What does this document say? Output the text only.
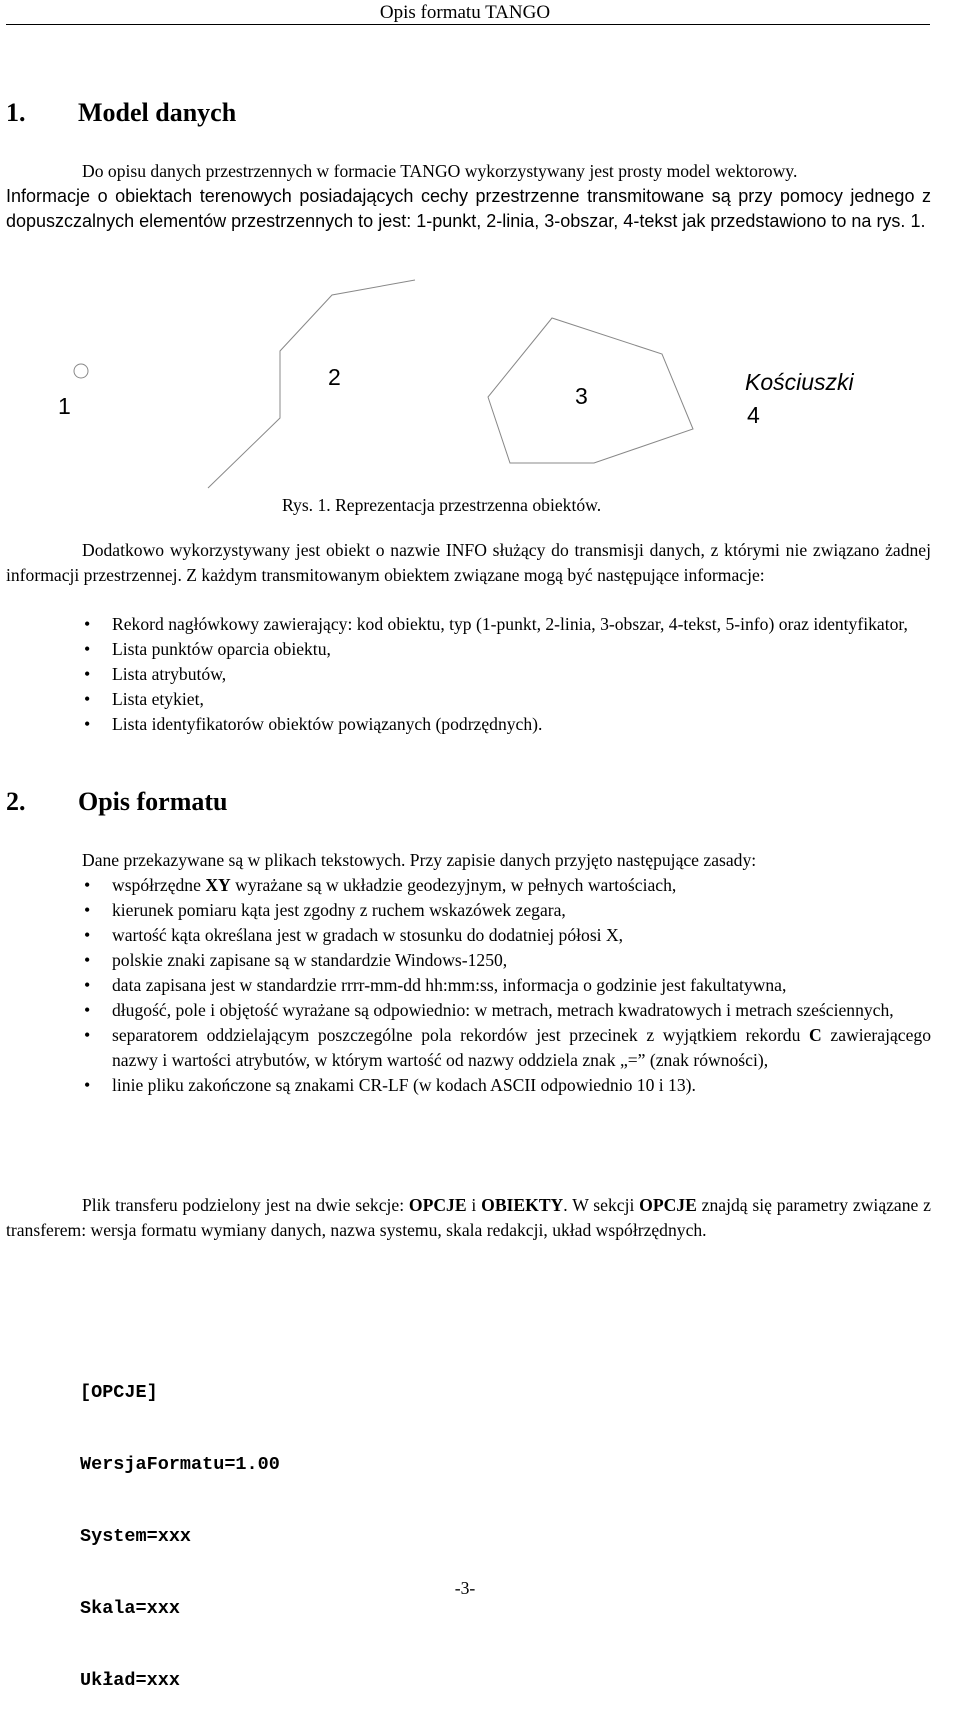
Opis formatu TANGO
1. Model danych
Do opisu danych przestrzennych w formacie TANGO wykorzystywany jest prosty model wektorowy.
Informacje o obiektach terenowych posiadających cechy przestrzenne transmitowane są przy pomocy jednego z dopuszczalnych elementów przestrzennych to jest: 1-punkt, 2-linia, 3-obszar, 4-tekst jak przedstawiono to na rys. 1.
1
2
3
Kościuszki
4
Rys. 1. Reprezentacja przestrzenna obiektów.
Dodatkowo wykorzystywany jest obiekt o nazwie INFO służący do transmisji danych, z którymi nie związano żadnej informacji przestrzennej. Z każdym transmitowanym obiektem związane mogą być następujące informacje:
•	Rekord nagłówkowy zawierający: kod obiektu, typ (1-punkt, 2-linia, 3-obszar, 4-tekst, 5-info) oraz identyfikator,
•	Lista punktów oparcia obiektu,
•	Lista atrybutów,
•	Lista etykiet,
•	Lista identyfikatorów obiektów powiązanych (podrzędnych).
2. Opis formatu
Dane przekazywane są w plikach tekstowych. Przy zapisie danych przyjęto następujące zasady:
•	współrzędne XY wyrażane są w układzie geodezyjnym, w pełnych wartościach,
•	kierunek pomiaru kąta jest zgodny z ruchem wskazówek zegara,
•	wartość kąta określana jest w gradach w stosunku do dodatniej półosi X,
•	polskie znaki zapisane są w standardzie Windows-1250,
•	data zapisana jest w standardzie rrrr-mm-dd hh:mm:ss, informacja o godzinie jest fakultatywna,
•	długość, pole i objętość wyrażane są odpowiednio: w metrach, metrach kwadratowych i metrach sześciennych,
•	separatorem oddzielającym poszczególne pola rekordów jest przecinek z wyjątkiem rekordu C zawierającego nazwy i wartości atrybutów, w którym wartość od nazwy oddziela znak „=” (znak równości),
•	linie pliku zakończone są znakami CR-LF (w kodach ASCII odpowiednio 10 i 13).
Plik transferu podzielony jest na dwie sekcje: OPCJE i OBIEKTY. W sekcji OPCJE znajdą się parametry związane z transferem: wersja formatu wymiany danych, nazwa systemu, skala redakcji, układ współrzędnych.

[OPCJE]

WersjaFormatu=1.00

System=xxx

Skala=xxx

Układ=xxx

-3-
